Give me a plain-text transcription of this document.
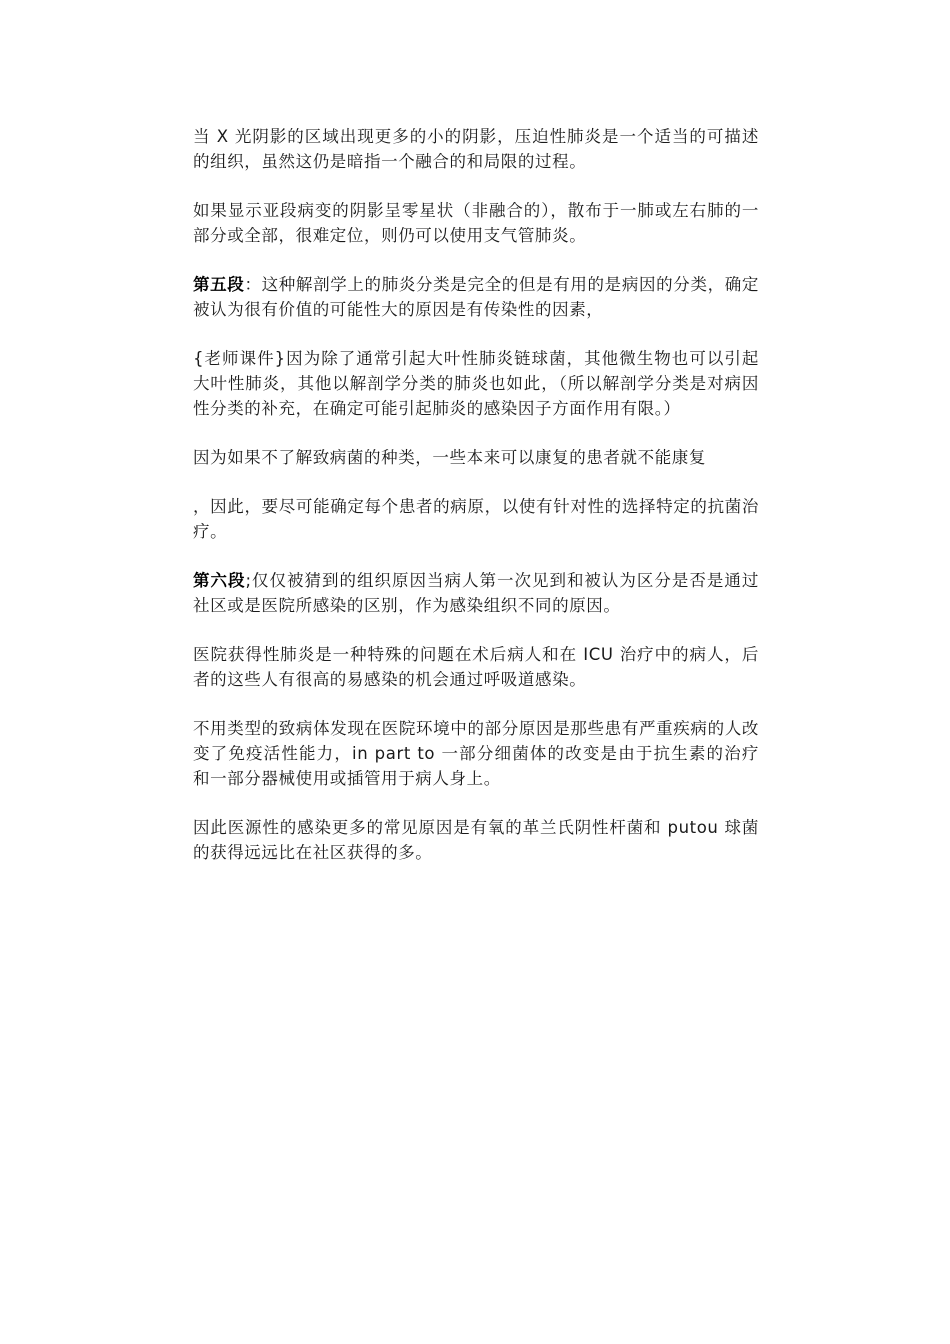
当 X 光阴影的区域出现更多的小的阴影，压迫性肺炎是一个适当的可描述的组织，虽然这仍是暗指一个融合的和局限的过程。

如果显示亚段病变的阴影呈零星状（非融合的），散布于一肺或左右肺的一部分或全部，很难定位，则仍可以使用支气管肺炎。

第五段：这种解剖学上的肺炎分类是完全的但是有用的是病因的分类，确定被认为很有价值的可能性大的原因是有传染性的因素，

{老师课件}因为除了通常引起大叶性肺炎链球菌，其他微生物也可以引起大叶性肺炎，其他以解剖学分类的肺炎也如此，（所以解剖学分类是对病因性分类的补充，在确定可能引起肺炎的感染因子方面作用有限。）

因为如果不了解致病菌的种类，一些本来可以康复的患者就不能康复

，因此，要尽可能确定每个患者的病原，以使有针对性的选择特定的抗菌治疗。

第六段;仅仅被猜到的组织原因当病人第一次见到和被认为区分是否是通过社区或是医院所感染的区别，作为感染组织不同的原因。

医院获得性肺炎是一种特殊的问题在术后病人和在 ICU 治疗中的病人，后者的这些人有很高的易感染的机会通过呼吸道感染。

不用类型的致病体发现在医院环境中的部分原因是那些患有严重疾病的人改变了免疫活性能力，in part to 一部分细菌体的改变是由于抗生素的治疗和一部分器械使用或插管用于病人身上。

因此医源性的感染更多的常见原因是有氧的革兰氏阴性杆菌和 putou 球菌的获得远远比在社区获得的多。
